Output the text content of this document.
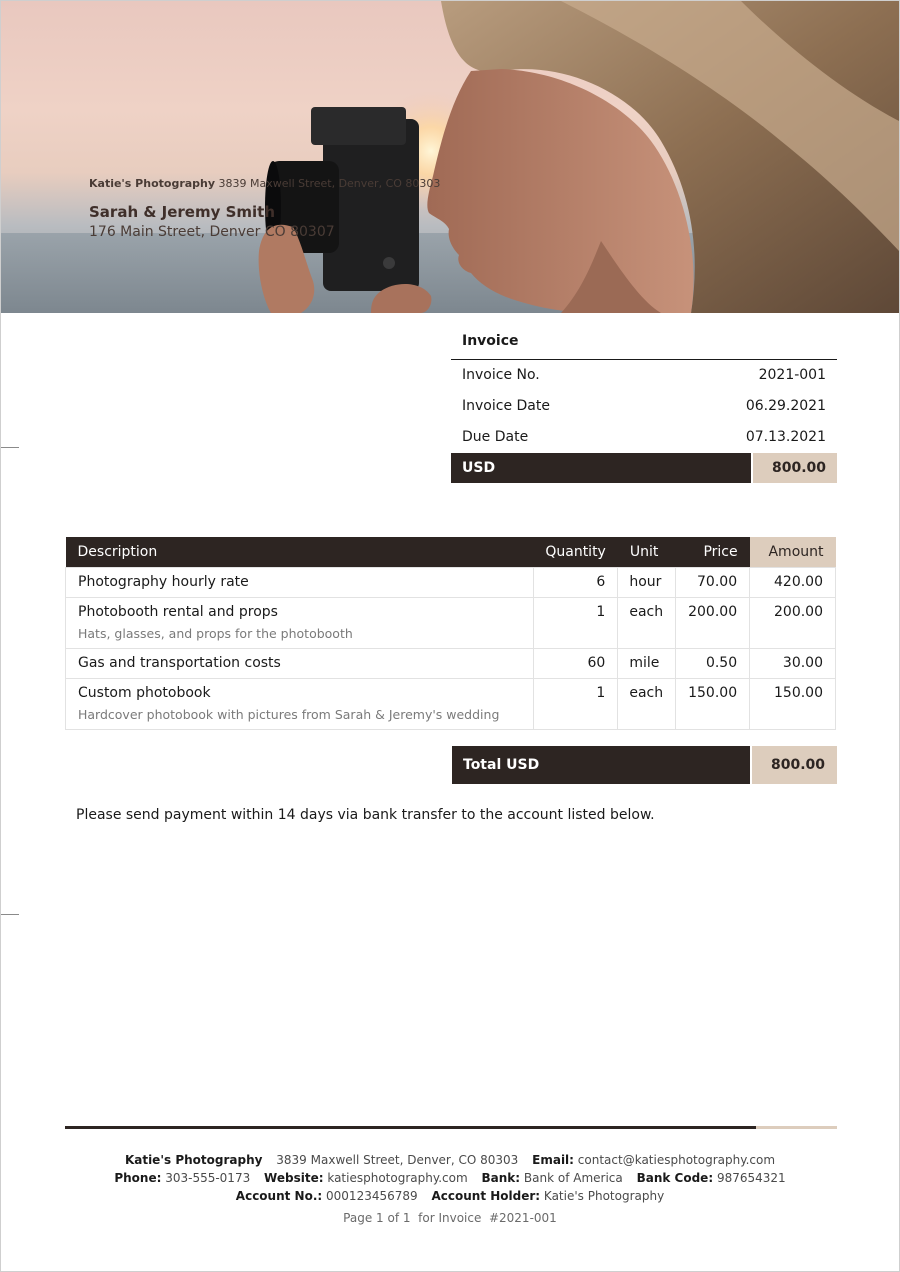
Katie's Photography 3839 Maxwell Street, Denver, CO 80303
Sarah & Jeremy Smith
176 Main Street, Denver CO 80307
Invoice
Invoice No.	2021-001
Invoice Date	06.29.2021
Due Date	07.13.2021
USD	800.00
Description	Quantity	Unit	Price	Amount

Photography hourly rate	6	hour	70.00	420.00

Photobooth rental and props
Hats, glasses, and props for the photobooth	1	each	200.00	200.00

Gas and transportation costs	60	mile	0.50	30.00

Custom photobook
Hardcover photobook with pictures from Sarah & Jeremy's wedding	1	each	150.00	150.00
Total USD	800.00
Please send payment within 14 days via bank transfer to the account listed below.
Katie's Photography 3839 Maxwell Street, Denver, CO 80303 Email: contact@katiesphotography.com
Phone: 303-555-0173 Website: katiesphotography.com Bank: Bank of America Bank Code: 987654321
Account No.: 000123456789 Account Holder: Katie's Photography
Page 1 of 1  for Invoice  #2021-001
